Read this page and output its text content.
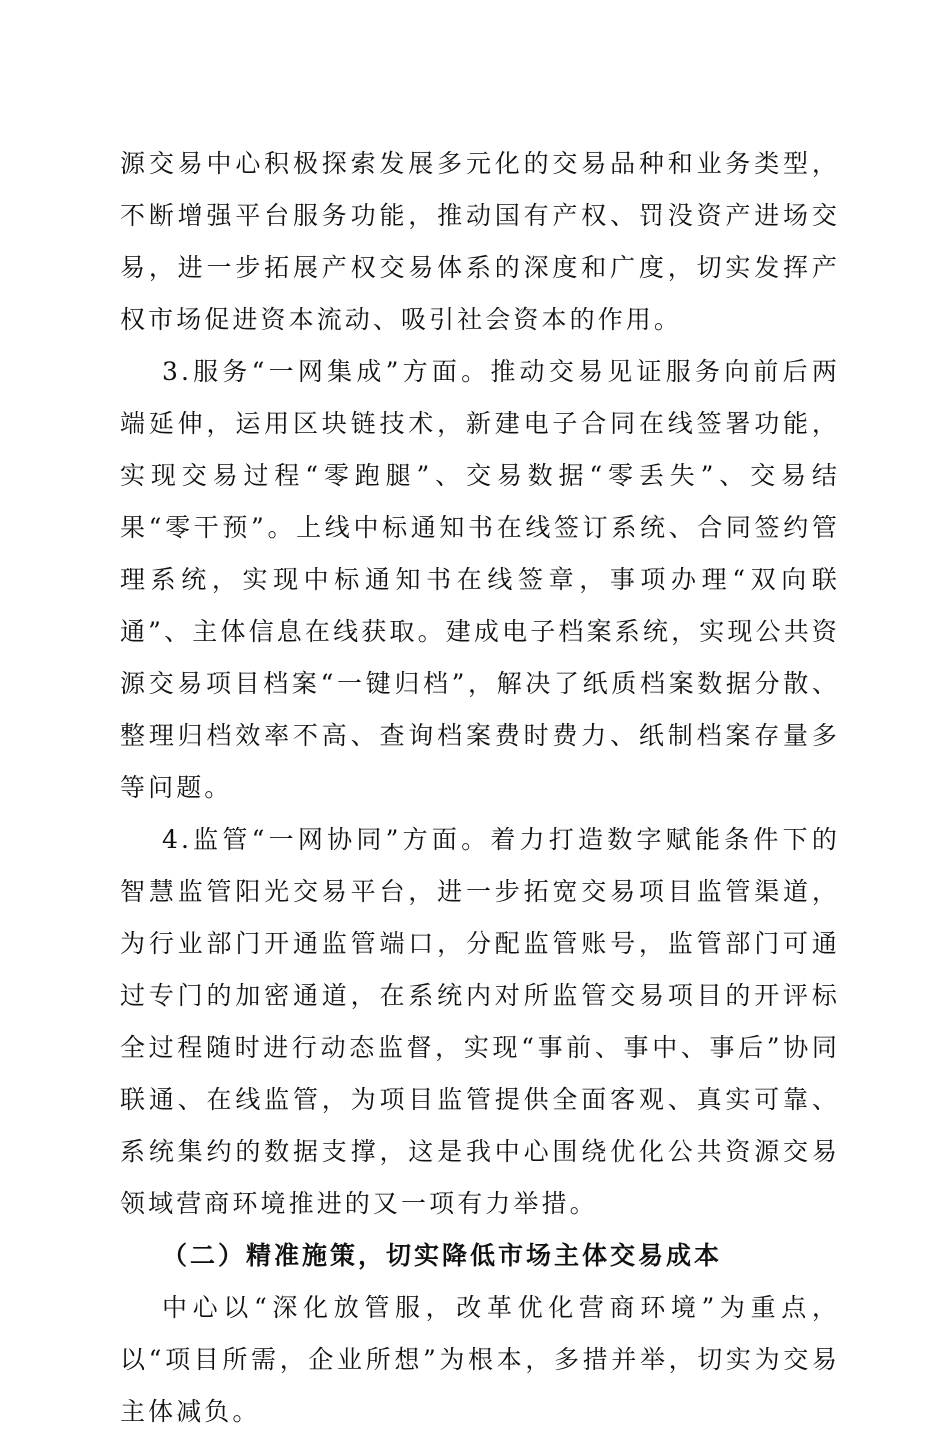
源交易中心积极探索发展多元化的交易品种和业务类型，不断增强平台服务功能，推动国有产权、罚没资产进场交易，进一步拓展产权交易体系的深度和广度，切实发挥产权市场促进资本流动、吸引社会资本的作用。

3.服务“一网集成”方面。推动交易见证服务向前后两端延伸，运用区块链技术，新建电子合同在线签署功能，实现交易过程“零跑腿”、交易数据“零丢失”、交易结果“零干预”。上线中标通知书在线签订系统、合同签约管理系统，实现中标通知书在线签章，事项办理“双向联通”、主体信息在线获取。建成电子档案系统，实现公共资源交易项目档案“一键归档”，解决了纸质档案数据分散、整理归档效率不高、查询档案费时费力、纸制档案存量多等问题。

4.监管“一网协同”方面。着力打造数字赋能条件下的智慧监管阳光交易平台，进一步拓宽交易项目监管渠道，为行业部门开通监管端口，分配监管账号，监管部门可通过专门的加密通道，在系统内对所监管交易项目的开评标全过程随时进行动态监督，实现“事前、事中、事后”协同联通、在线监管，为项目监管提供全面客观、真实可靠、系统集约的数据支撑，这是我中心围绕优化公共资源交易领域营商环境推进的又一项有力举措。

（二）精准施策，切实降低市场主体交易成本

中心以“深化放管服，改革优化营商环境”为重点，以“项目所需，企业所想”为根本，多措并举，切实为交易主体减负。
